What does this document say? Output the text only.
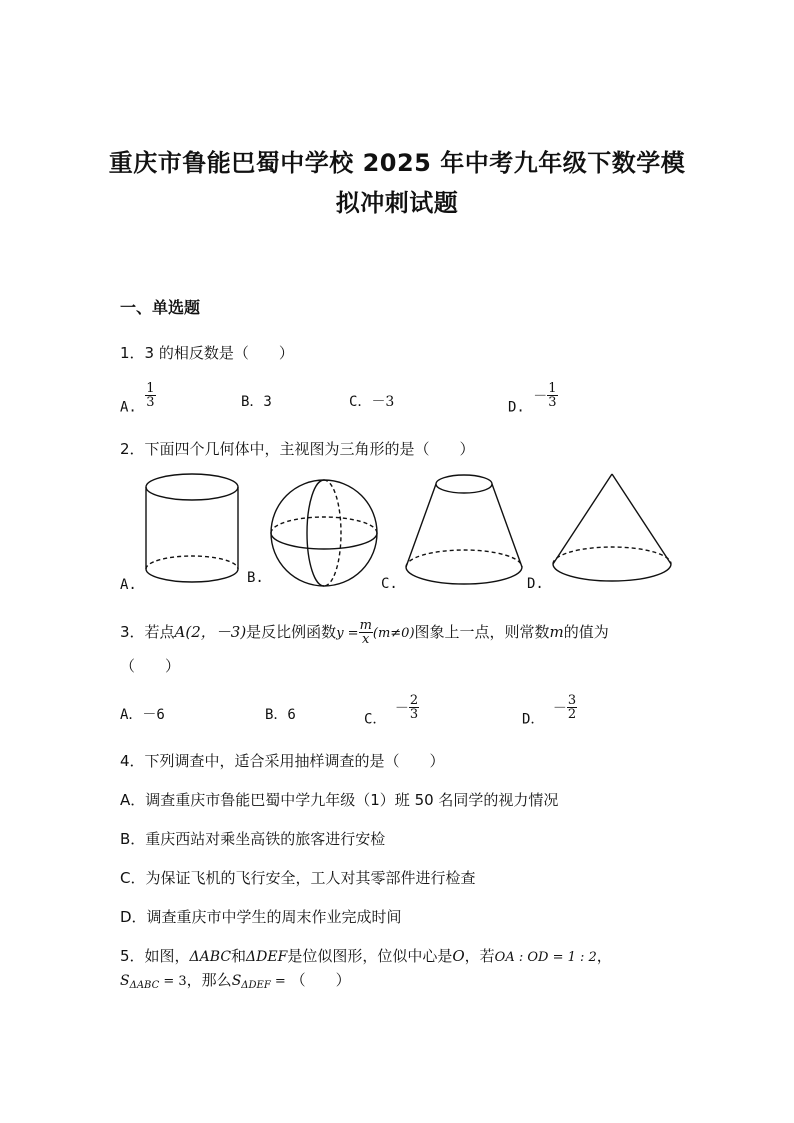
重庆市鲁能巴蜀中学校 2025 年中考九年级下数学模
拟冲刺试题
一、单选题
1．3 的相反数是（　　）
A. $\frac{1}{3}$	B．3	C．－3	D. － $\frac{1}{3}$
2．下面四个几何体中，主视图为三角形的是（　　）
A.	B.	C.	D.
3．若点A(2，－3)是反比例函数$y = \frac{m}{x} (m\ne 0)$图象上一点，则常数m的值为
（　　）
A．－6	B．6	C． － $\frac{2}{3}$	D． － $\frac{3}{2}$
4．下列调查中，适合采用抽样调查的是（　　）
A．调查重庆市鲁能巴蜀中学九年级（1）班 50 名同学的视力情况
B．重庆西站对乘坐高铁的旅客进行安检
C．为保证飞机的飞行安全，工人对其零部件进行检查
D．调查重庆市中学生的周末作业完成时间
5．如图，ΔABC和ΔDEF是位似图形，位似中心是O，若OA : OD = 1 : 2，
$S_{\Delta ABC} = 3$，那么$S_{\Delta DEF}$ = （　　）
